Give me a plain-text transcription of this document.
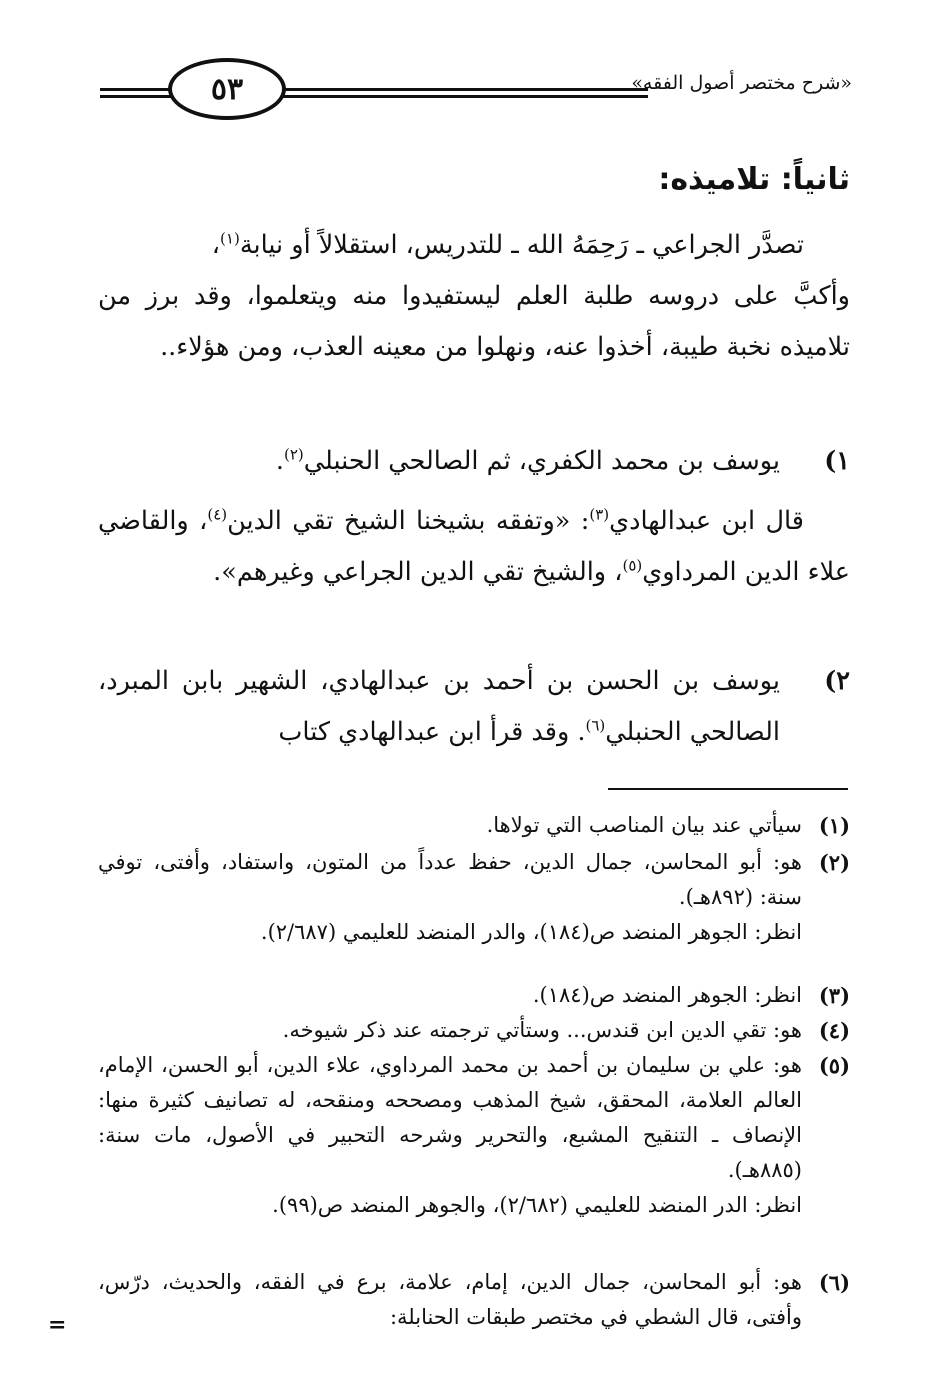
٥٣	«شرح مختصر أصول الفقه»
ثانياً: تلاميذه:
تصدَّر الجراعي ـ رَحِمَهُ الله ـ للتدريس، استقلالاً أو نيابة$^{(١)}$،
وأكبَّ على دروسه طلبة العلم ليستفيدوا منه ويتعلموا، وقد برز من تلاميذه نخبة طيبة، أخذوا عنه، ونهلوا من معينه العذب، ومن هؤلاء..
١)
يوسف بن محمد الكفري، ثم الصالحي الحنبلي$^{(٢)}$.
قال ابن عبدالهادي$^{(٣)}$: «وتفقه بشيخنا الشيخ تقي الدين$^{(٤)}$، والقاضي علاء الدين المرداوي$^{(٥)}$، والشيخ تقي الدين الجراعي وغيرهم».
٢)
يوسف بن الحسن بن أحمد بن عبدالهادي، الشهير بابن المبرد، الصالحي الحنبلي$^{(٦)}$. وقد قرأ ابن عبدالهادي كتاب
(١)
سيأتي عند بيان المناصب التي تولاها.
(٢)
هو: أبو المحاسن، جمال الدين، حفظ عدداً من المتون، واستفاد، وأفتى، توفي سنة: (٨٩٢هـ).
انظر: الجوهر المنضد ص(١٨٤)، والدر المنضد للعليمي (٢/٦٨٧).
(٣)
انظر: الجوهر المنضد ص(١٨٤).
(٤)
هو: تقي الدين ابن قندس... وستأتي ترجمته عند ذكر شيوخه.
(٥)
هو: علي بن سليمان بن أحمد بن محمد المرداوي، علاء الدين، أبو الحسن، الإمام، العالم العلامة، المحقق، شيخ المذهب ومصححه ومنقحه، له تصانيف كثيرة منها: الإنصاف ـ التنقيح المشبع، والتحرير وشرحه التحبير في الأصول، مات سنة: (٨٨٥هـ).
انظر: الدر المنضد للعليمي (٢/٦٨٢)، والجوهر المنضد ص(٩٩).
(٦)
هو: أبو المحاسن، جمال الدين، إمام، علامة، برع في الفقه، والحديث، درّس، وأفتى، قال الشطي في مختصر طبقات الحنابلة:
=
